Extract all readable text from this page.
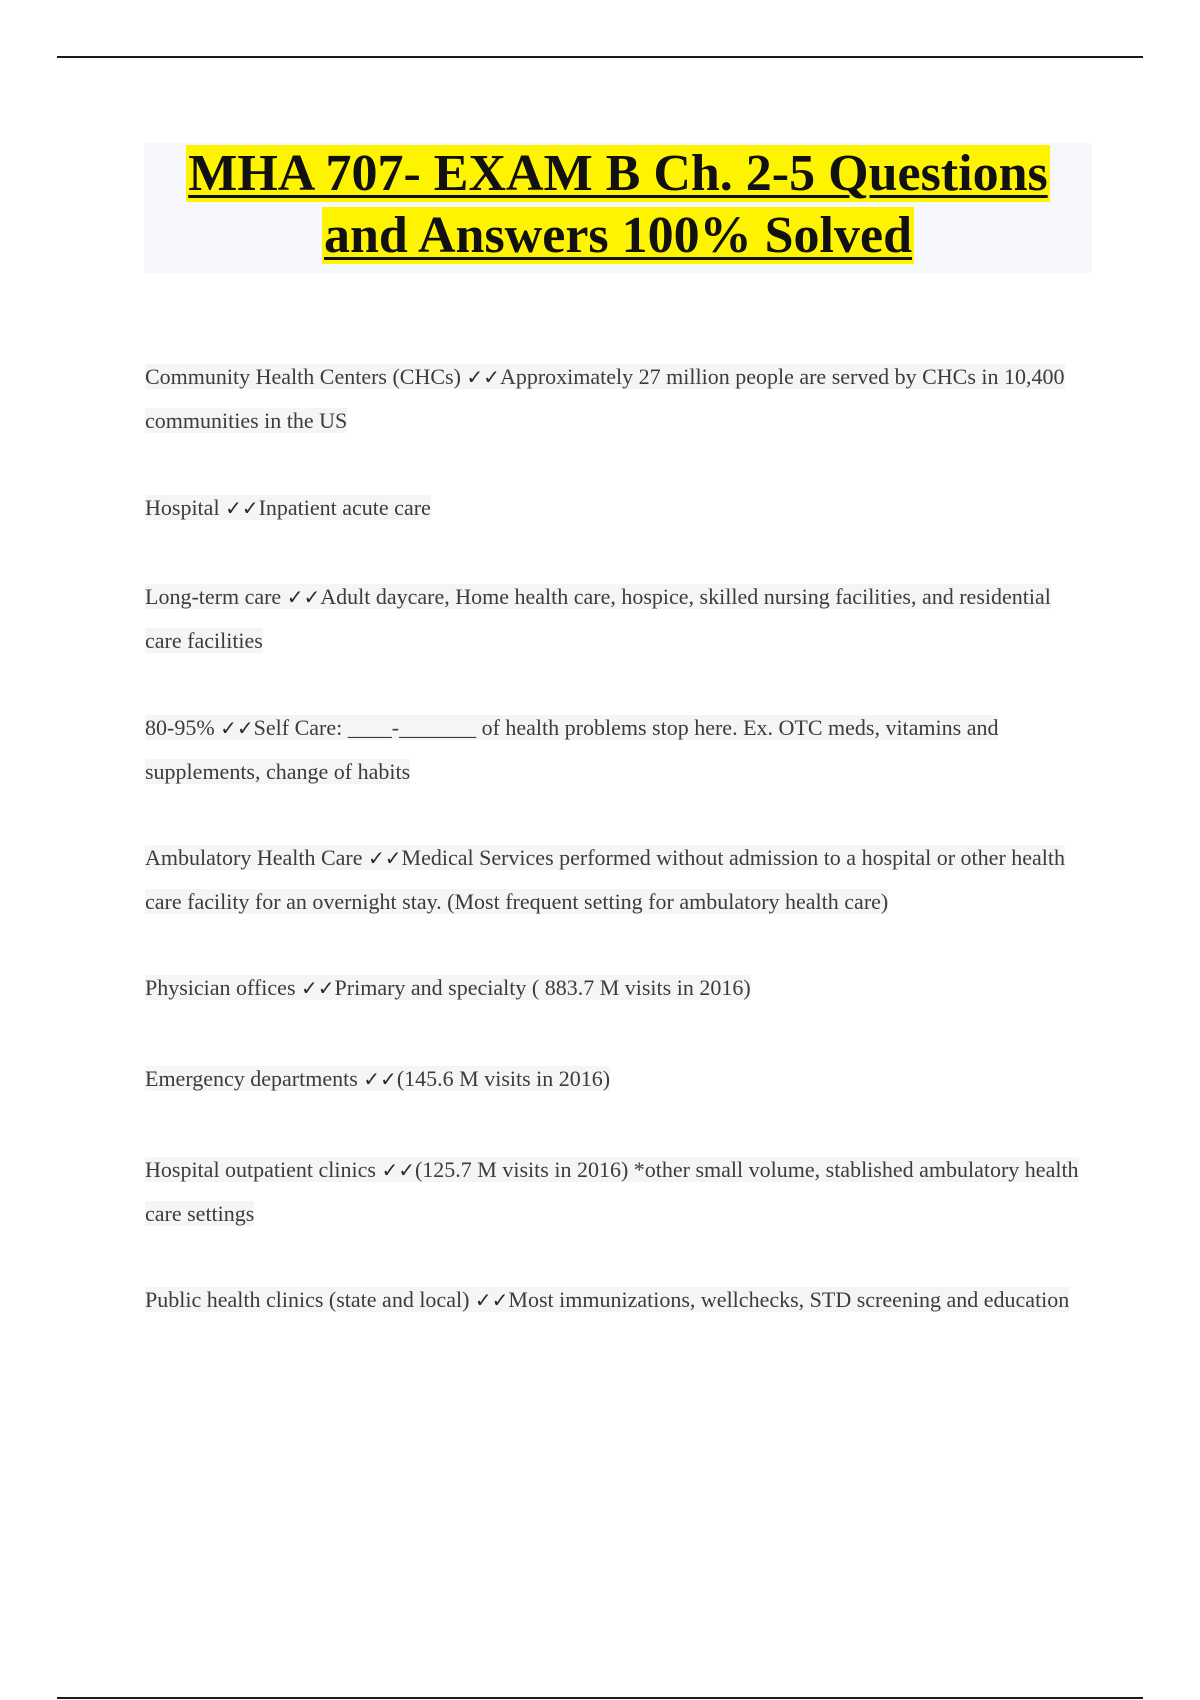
MHA 707- EXAM B Ch. 2-5 Questions
and Answers 100% Solved

Community Health Centers (CHCs) ✓✓Approximately 27 million people are served by CHCs in 10,400 communities in the US

Hospital ✓✓Inpatient acute care

Long-term care ✓✓Adult daycare, Home health care, hospice, skilled nursing facilities, and residential care facilities

80-95% ✓✓Self Care: ____-_______ of health problems stop here. Ex. OTC meds, vitamins and supplements, change of habits

Ambulatory Health Care ✓✓Medical Services performed without admission to a hospital or other health care facility for an overnight stay. (Most frequent setting for ambulatory health care)

Physician offices ✓✓Primary and specialty ( 883.7 M visits in 2016)

Emergency departments ✓✓(145.6 M visits in 2016)

Hospital outpatient clinics ✓✓(125.7 M visits in 2016) *other small volume, stablished ambulatory health care settings

Public health clinics (state and local) ✓✓Most immunizations, wellchecks, STD screening and education
